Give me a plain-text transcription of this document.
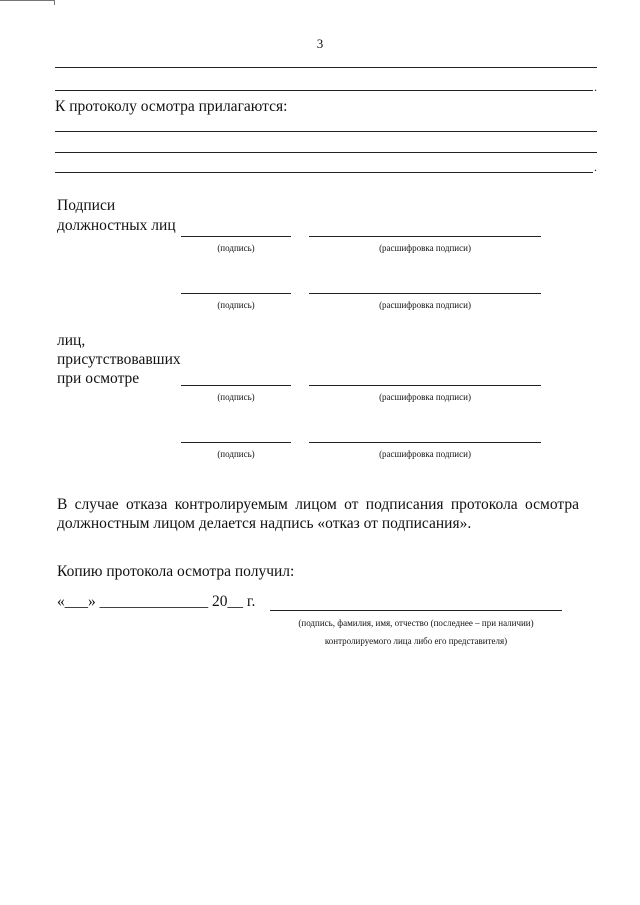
3
.
К протоколу осмотра прилагаются:
.
Подписи
должностных лиц
(подпись)	(расшифровка подписи)
(подпись)	(расшифровка подписи)
лиц,
присутствовавших
при осмотре
(подпись)	(расшифровка подписи)
(подпись)	(расшифровка подписи)
В случае отказа контролируемым лицом от подписания протокола осмотра должностным лицом делается надпись «отказ от подписания».
Копию протокола осмотра получил:
«___» ______________ 20__ г.
(подпись, фамилия, имя, отчество (последнее – при наличии)
контролируемого лица либо его представителя)
